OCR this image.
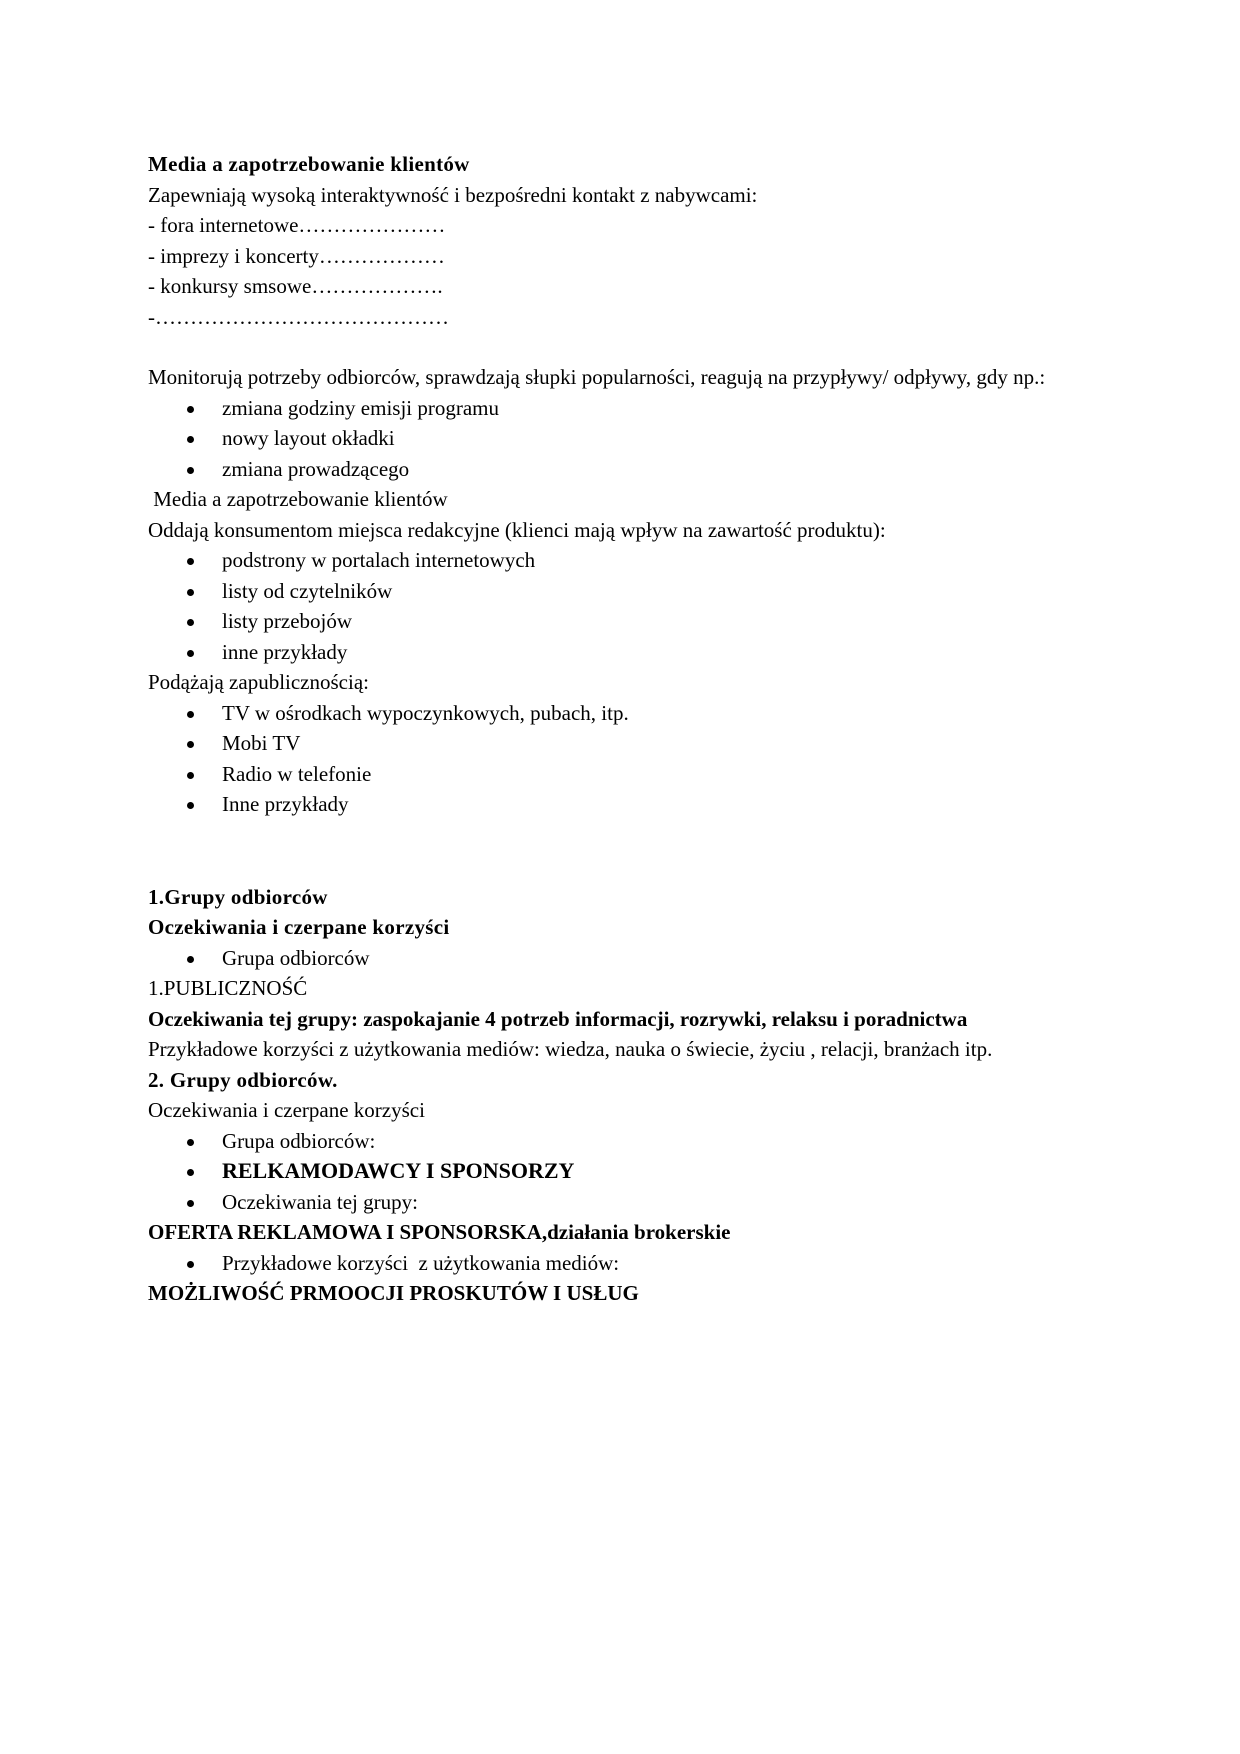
Media a zapotrzebowanie klientów

Zapewniają wysoką interaktywność i bezpośredni kontakt z nabywcami:

- fora internetowe…………………

- imprezy i koncerty………………

- konkursy smsowe……………….

-……………………………………

Monitorują potrzeby odbiorców, sprawdzają słupki popularności, reagują na przypływy/ odpływy, gdy np.:

zmiana godziny emisji programu
nowy layout okładki
zmiana prowadzącego

Media a zapotrzebowanie klientów

Oddają konsumentom miejsca redakcyjne (klienci mają wpływ na zawartość produktu):

podstrony w portalach internetowych
listy od czytelników
listy przebojów
inne przykłady

Podążają zapublicznością:

TV w ośrodkach wypoczynkowych, pubach, itp.
Mobi TV
Radio w telefonie
Inne przykłady

1.Grupy odbiorców

Oczekiwania i czerpane korzyści

Grupa odbiorców

1.PUBLICZNOŚĆ

Oczekiwania tej grupy: zaspokajanie 4 potrzeb informacji, rozrywki, relaksu i poradnictwa

Przykładowe korzyści z użytkowania mediów: wiedza, nauka o świecie, życiu , relacji, branżach itp.

2. Grupy odbiorców.

Oczekiwania i czerpane korzyści

Grupa odbiorców:
RELKAMODAWCY I SPONSORZY
Oczekiwania tej grupy:

OFERTA REKLAMOWA I SPONSORSKA,działania brokerskie

Przykładowe korzyści  z użytkowania mediów:

MOŻLIWOŚĆ PRMOOCJI PROSKUTÓW I USŁUG
